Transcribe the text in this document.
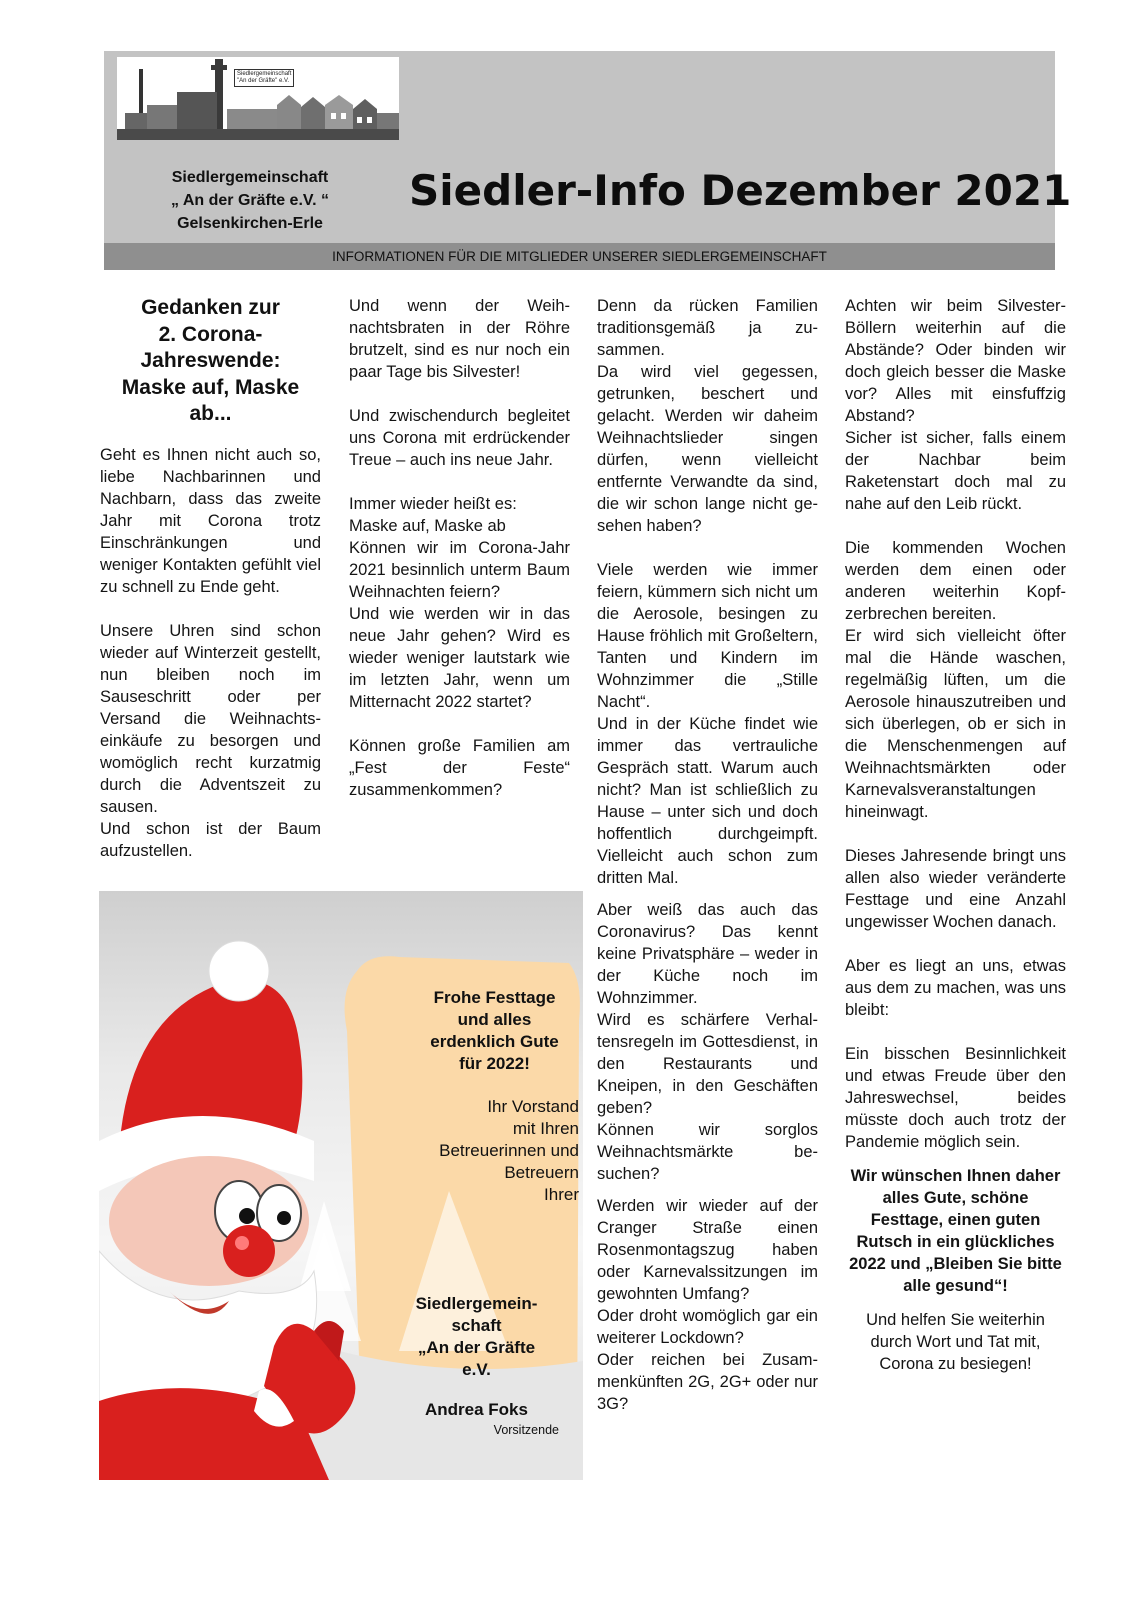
Siedlergemeinschaft
"An der Gräfte" e.V.
Siedlergemeinschaft
„ An der Gräfte e.V. “
Gelsenkirchen-Erle
Siedler-Info Dezember 2021
INFORMATIONEN FÜR DIE MITGLIEDER UNSERER SIEDLERGEMEINSCHAFT
Gedanken zur
2. Corona-
Jahreswende:
Maske auf, Maske
ab...

Geht es Ihnen nicht auch so, liebe Nachbarinnen und Nachbarn, dass das zweite Jahr mit Corona trotz Einschränkungen und weniger Kontakten gefühlt viel zu schnell zu Ende geht.

Unsere Uhren sind schon wieder auf Winterzeit gestellt, nun bleiben noch im Sauseschritt oder per Versand die Weihnachtseinkäufe zu besorgen und womöglich recht kurzatmig durch die Adventszeit zu sausen.

Und schon ist der Baum aufzustellen.

Und wenn der Weihnachtsbraten in der Röhre brutzelt, sind es nur noch ein paar Tage bis Silvester!

Und zwischendurch begleitet uns Corona mit erdrückender Treue – auch ins neue Jahr.

Immer wieder heißt es:

Maske auf, Maske ab

Können wir im Corona-Jahr 2021 besinnlich unterm Baum Weihnachten feiern?

Und wie werden wir in das neue Jahr gehen? Wird es wieder weniger lautstark wie im letzten Jahr, wenn um Mitternacht 2022 startet?

Können große Familien am „Fest der Feste“ zusammenkommen?

Denn da rücken Familien traditionsgemäß ja zusammen.

Da wird viel gegessen, getrunken, beschert und gelacht. Werden wir daheim Weihnachtslieder singen dürfen, wenn vielleicht entfernte Verwandte da sind, die wir schon lange nicht gesehen haben?

Viele werden wie immer feiern, kümmern sich nicht um die Aerosole, besingen zu Hause fröhlich mit Großeltern, Tanten und Kindern im Wohnzimmer die „Stille Nacht“.

Und in der Küche findet wie immer das vertrauliche Gespräch statt. Warum auch nicht? Man ist schließlich zu Hause – unter sich und doch hoffentlich durchgeimpft. Vielleicht auch schon zum dritten Mal.

Aber weiß das auch das Coronavirus? Das kennt keine Privatsphäre – weder in der Küche noch im Wohnzimmer.

Wird es schärfere Verhaltensregeln im Gottesdienst, in den Restaurants und Kneipen, in den Geschäften geben?

Können wir sorglos Weihnachtsmärkte besuchen?

Werden wir wieder auf der Cranger Straße einen Rosenmontagszug haben oder Karnevalssitzungen im gewohnten Umfang?

Oder droht womöglich gar ein weiterer Lockdown?

Oder reichen bei Zusammenkünften 2G, 2G+ oder nur 3G?

Achten wir beim Silvester-Böllern weiterhin auf die Abstände? Oder binden wir doch gleich besser die Maske vor? Alles mit einsfuffzig Abstand?

Sicher ist sicher, falls einem der Nachbar beim Raketenstart doch mal zu nahe auf den Leib rückt.

Die kommenden Wochen werden dem einen oder anderen weiterhin Kopfzerbrechen bereiten.

Er wird sich vielleicht öfter mal die Hände waschen, regelmäßig lüften, um die Aerosole hinauszutreiben und sich überlegen, ob er sich in die Menschenmengen auf Weihnachtsmärkten oder Karnevalsveranstaltungen hineinwagt.

Dieses Jahresende bringt uns allen also wieder veränderte Festtage und eine Anzahl ungewisser Wochen danach.

Aber es liegt an uns, etwas aus dem zu machen, was uns bleibt:

Ein bisschen Besinnlichkeit und etwas Freude über den Jahreswechsel, beides müsste doch auch trotz der Pandemie möglich sein.

Wir wünschen Ihnen daher alles Gute, schöne Festtage, einen guten Rutsch in ein glückliches 2022 und „Bleiben Sie bitte alle gesund“!

Und helfen Sie weiterhin durch Wort und Tat mit, Corona zu besiegen!

Frohe Festtage
und alles
erdenklich Gute
für 2022!
Ihr Vorstand
mit Ihren
Betreuerinnen und
Betreuern
Ihrer
Siedlergemein-
schaft
„An der Gräfte
e.V.
Andrea Foks
Vorsitzende
